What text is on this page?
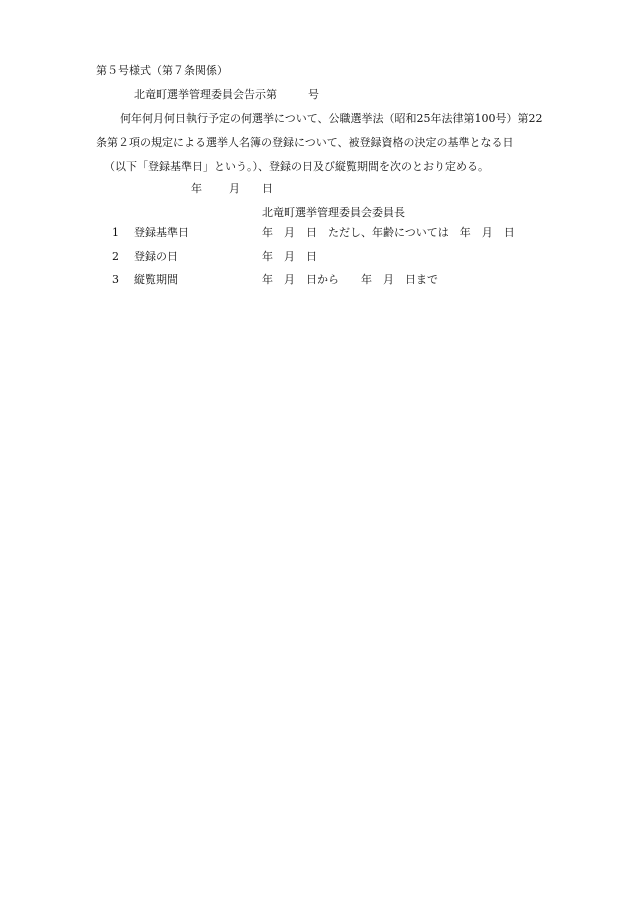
第５号様式（第７条関係）
北竜町選挙管理委員会告示第	号
何年何月何日執行予定の何選挙について、公職選挙法（昭和25年法律第100号）第22
条第２項の規定による選挙人名簿の登録について、被登録資格の決定の基準となる日
（以下「登録基準日」という。）、登録の日及び縦覧期間を次のとおり定める。
年 月 日
北竜町選挙管理委員会委員長
1 登録基準日	年　月　日　ただし、年齢については　年　月　日
2 登録の日	年　月　日
3 縦覧期間	年　月　日から　　年　月　日まで
